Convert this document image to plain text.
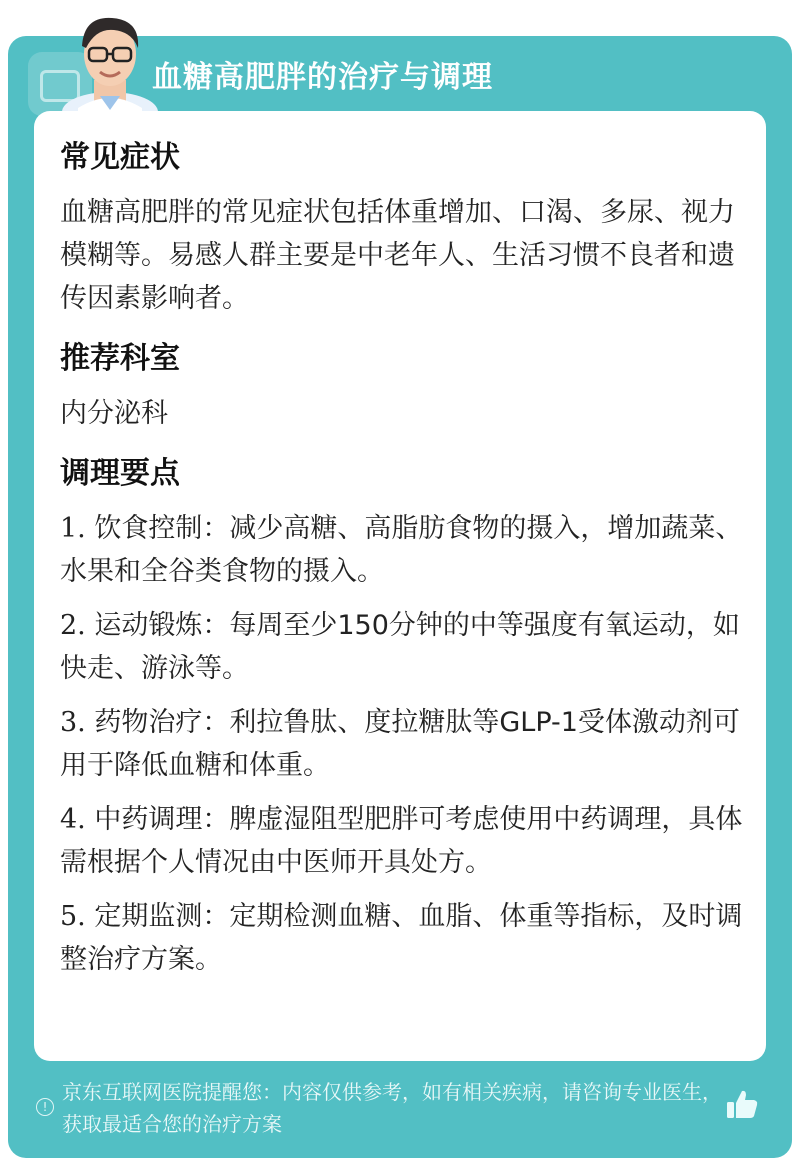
血糖高肥胖的治疗与调理
常见症状

血糖高肥胖的常见症状包括体重增加、口渴、多尿、视力模糊等。易感人群主要是中老年人、生活习惯不良者和遗传因素影响者。

推荐科室

内分泌科

调理要点
1. 饮食控制：减少高糖、高脂肪食物的摄入，增加蔬菜、水果和全谷类食物的摄入。
2. 运动锻炼：每周至少150分钟的中等强度有氧运动，如快走、游泳等。
3. 药物治疗：利拉鲁肽、度拉糖肽等GLP-1受体激动剂可用于降低血糖和体重。
4. 中药调理：脾虚湿阻型肥胖可考虑使用中药调理，具体需根据个人情况由中医师开具处方。
5. 定期监测：定期检测血糖、血脂、体重等指标，及时调整治疗方案。
!
京东互联网医院提醒您：内容仅供参考，如有相关疾病，请咨询专业医生，获取最适合您的治疗方案
